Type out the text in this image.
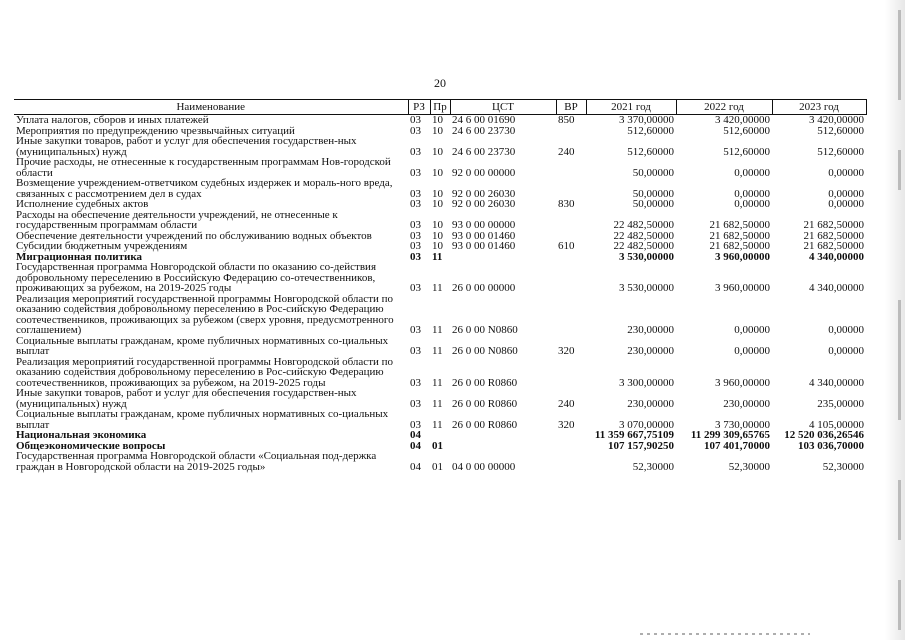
20
Наименование	РЗ	Пр	ЦСТ	ВР	2021 год	2022 год	2023 год
Уплата налогов, сборов и иных платежей	03	10	24 6 00 01690	850	3 370,00000	3 420,00000	3 420,00000
Мероприятия по предупреждению чрезвычайных ситуаций	03	10	24 6 00 23730		512,60000	512,60000	512,60000
Иные закупки товаров, работ и услуг для обеспечения государствен-ных (муниципальных) нужд	03	10	24 6 00 23730	240	512,60000	512,60000	512,60000
Прочие расходы, не отнесенные к государственным программам Нов-городской области	03	10	92 0 00 00000		50,00000	0,00000	0,00000
Возмещение учреждением-ответчиком судебных издержек и мораль-ного вреда, связанных с рассмотрением дел в судах	03	10	92 0 00 26030		50,00000	0,00000	0,00000
Исполнение судебных актов	03	10	92 0 00 26030	830	50,00000	0,00000	0,00000
Расходы на обеспечение деятельности учреждений, не отнесенные к государственным программам области	03	10	93 0 00 00000		22 482,50000	21 682,50000	21 682,50000
Обеспечение деятельности учреждений по обслуживанию водных объектов	03	10	93 0 00 01460		22 482,50000	21 682,50000	21 682,50000
Субсидии бюджетным учреждениям	03	10	93 0 00 01460	610	22 482,50000	21 682,50000	21 682,50000
Миграционная политика	03	11			3 530,00000	3 960,00000	4 340,00000
Государственная программа Новгородской области по оказанию со-действия добровольному переселению в Российскую Федерацию со-отечественников, проживающих за рубежом, на 2019-2025 годы	03	11	26 0 00 00000		3 530,00000	3 960,00000	4 340,00000
Реализация мероприятий государственной программы Новгородской области по оказанию содействия добровольному переселению в Рос-сийскую Федерацию соотечественников, проживающих за рубежом (сверх уровня, предусмотренного соглашением)	03	11	26 0 00 N0860		230,00000	0,00000	0,00000
Социальные выплаты гражданам, кроме публичных нормативных со-циальных выплат	03	11	26 0 00 N0860	320	230,00000	0,00000	0,00000
Реализация мероприятий государственной программы Новгородской области по оказанию содействия добровольному переселению в Рос-сийскую Федерацию соотечественников, проживающих за рубежом, на 2019-2025 годы	03	11	26 0 00 R0860		3 300,00000	3 960,00000	4 340,00000
Иные закупки товаров, работ и услуг для обеспечения государствен-ных (муниципальных) нужд	03	11	26 0 00 R0860	240	230,00000	230,00000	235,00000
Социальные выплаты гражданам, кроме публичных нормативных со-циальных выплат	03	11	26 0 00 R0860	320	3 070,00000	3 730,00000	4 105,00000
Национальная экономика	04				11 359 667,75109	11 299 309,65765	12 520 036,26546
Общеэкономические вопросы	04	01			107 157,90250	107 401,70000	103 036,70000
Государственная программа Новгородской области «Социальная под-держка граждан в Новгородской области на 2019-2025 годы»	04	01	04 0 00 00000		52,30000	52,30000	52,30000
